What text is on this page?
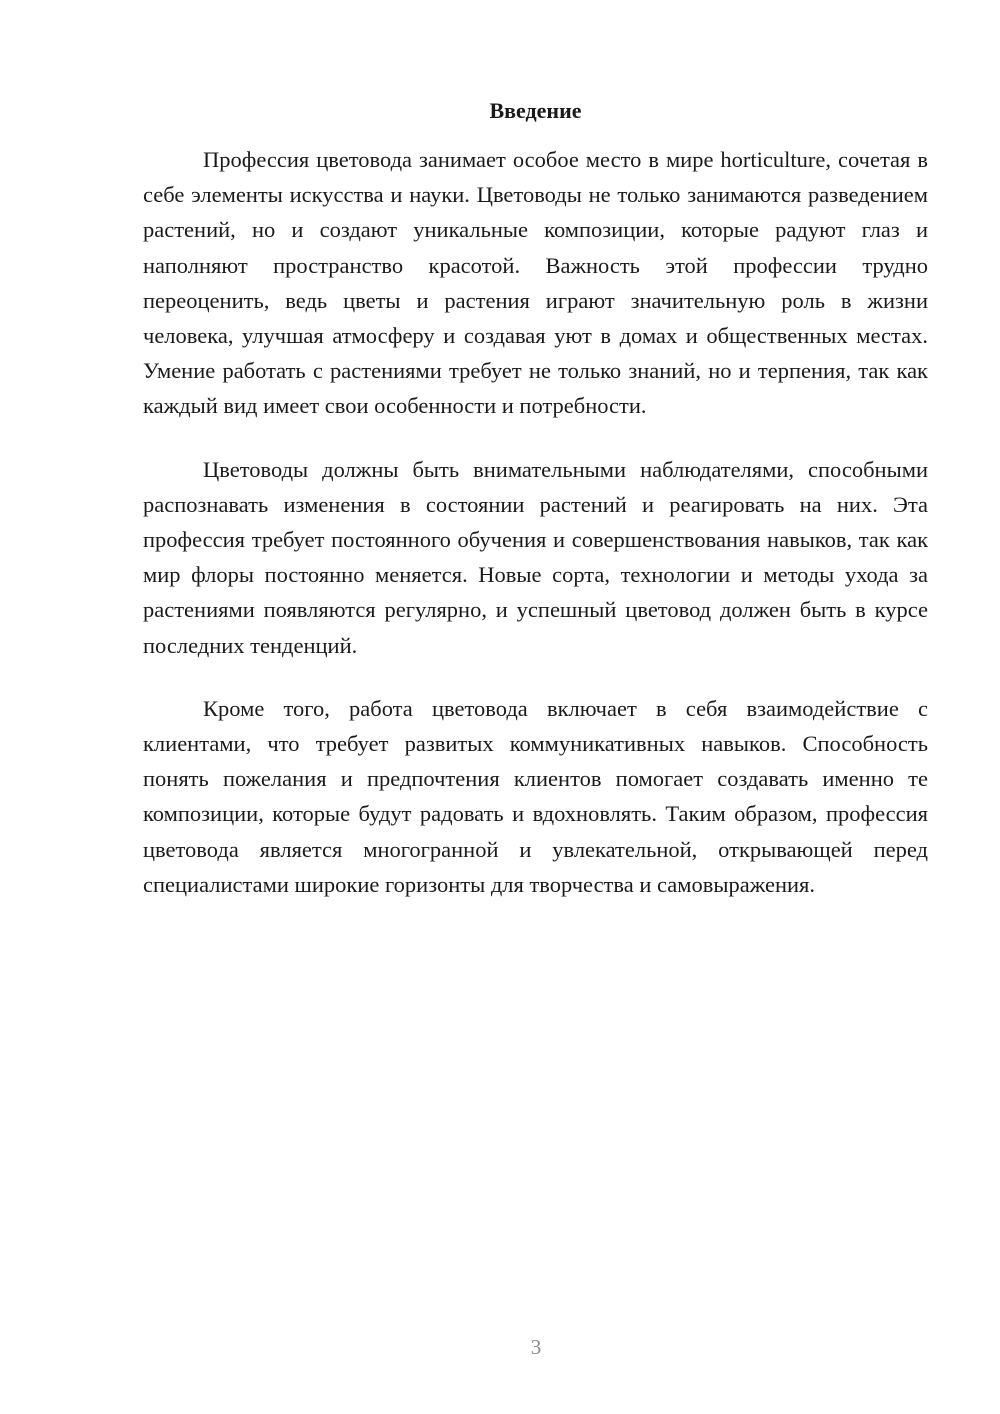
Введение

Профессия цветовода занимает особое место в мире horticulture, сочетая в себе элементы искусства и науки. Цветоводы не только занимаются разведением растений, но и создают уникальные композиции, которые радуют глаз и наполняют пространство красотой. Важность этой профессии трудно переоценить, ведь цветы и растения играют значительную роль в жизни человека, улучшая атмосферу и создавая уют в домах и общественных местах. Умение работать с растениями требует не только знаний, но и терпения, так как каждый вид имеет свои особенности и потребности.

Цветоводы должны быть внимательными наблюдателями, способными распознавать изменения в состоянии растений и реагировать на них. Эта профессия требует постоянного обучения и совершенствования навыков, так как мир флоры постоянно меняется. Новые сорта, технологии и методы ухода за растениями появляются регулярно, и успешный цветовод должен быть в курсе последних тенденций.

Кроме того, работа цветовода включает в себя взаимодействие с клиентами, что требует развитых коммуникативных навыков. Способность понять пожелания и предпочтения клиентов помогает создавать именно те композиции, которые будут радовать и вдохновлять. Таким образом, профессия цветовода является многогранной и увлекательной, открывающей перед специалистами широкие горизонты для творчества и самовыражения.

3
